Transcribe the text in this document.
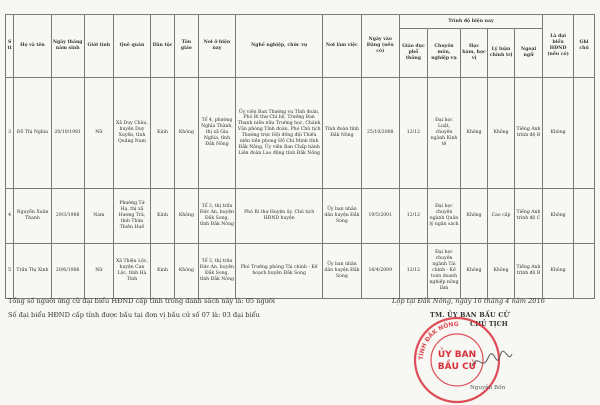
Stt	Họ và tên	Ngày tháng năm sinh	Giới tính	Quê quán	Dân tộc	Tôn giáo	Nơi ở hiện nay	Nghề nghiệp, chức vụ	Nơi làm việc	Ngày vào Đảng (nếu có)	Trình độ hiện nay					Là đại biểu HĐND (nếu có)	Ghi chú
											Giáo dục phổ thông	Chuyên môn, nghiệp vụ	Học hàm, học vị	Lý luận chính trị	Ngoại ngữ		
3	Đỗ Thị Nghĩa	20/10/1981	Nữ	Xã Duy Châu, huyện Duy Xuyên, tỉnh Quảng Nam	Kinh	Không	Tổ 4, phường Nghĩa Thành, thị xã Gia Nghĩa, tỉnh Đắk Nông	Ủy viên Ban Thường vụ Tỉnh đoàn, Phó Bí thư Chi bộ, Trưởng Ban Thanh niên nữu Trường học, Chánh Văn phòng Tỉnh đoàn, Phó Chủ tịch Thường trực Hội đồng đội Thiếu niên tiền phong Hồ Chí Minh tỉnh Đắk Nông, Ủy viên Ban Chấp hành Liên đoàn Lao động tỉnh Đắk Nông	Tỉnh đoàn tỉnh Đắk Nông	25/10/2008	12/12	Đại học Luật, chuyên ngành Kinh tế	Không	Không	Tiếng Anh trình độ B	Không	
4	Nguyễn Xuân Thanh	29/3/1968	Nam	Phường Tứ Hạ, thị xã Hương Trà, tỉnh Thừa Thiên Huế	Kinh	Không	Tổ 3, thị trấn Đức An, huyện Đắk Song, tỉnh Đắk Nông	Phó Bí thư Huyện ủy, Chủ tịch HĐND huyện	Ủy ban nhân dân huyện Đắk Song	19/5/2001	12/12	Đại học chuyên ngành Quản lý ngân sách	Không	Cao cấp	Tiếng Anh trình độ C	Không	
5	Trần Thị Xinh	20/6/1986	Nữ	Xã Thiệu Lộc, huyện Can Lộc, tỉnh Hà Tĩnh	Kinh	Không	Tổ 3, thị trấn Đức An, huyện Đắk Song, tỉnh Đắk Nông	Phó Trưởng phòng Tài chính - Kế hoạch huyện Đắk Song	Ủy ban nhân dân huyện Đắk Song	16/4/2009	12/12	Đại học chuyên ngành Tài chính - Kế toán doanh nghiệp nông lâm	Không	Không	Tiếng Anh trình độ B	Không	
Tổng số người ứng cử đại biểu HĐND cấp tỉnh trong danh sách này là: 05 người
Số đại biểu HĐND cấp tỉnh được bầu tại đơn vị bầu cử số 07 là: 03 đại biểu
Lộp tại Đắk Nông, ngày 16 tháng 4 năm 2016
TM. ỦY BAN BẦU CỬ
CHỦ TỊCH
TỈNH ĐẮK NÔNG
ỦY BAN
BẦU CỬ
Nguyễn Bốn
